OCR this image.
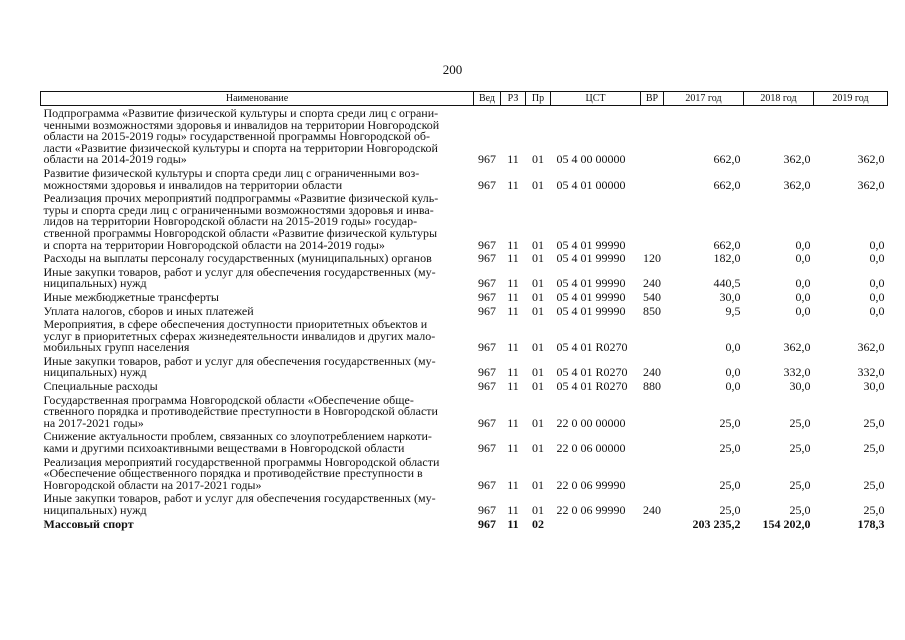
200
Наименование	Вед	РЗ	Пр	ЦСТ	ВР	2017 год	2018 год	2019 год

Подпрограмма «Развитие физической культуры и спорта среди лиц с ограни-
ченными возможностями здоровья и инвалидов на территории Новгородской
области на 2015-2019 годы» государственной программы Новгородской об-
ласти «Развитие физической культуры и спорта на территории Новгородской
области на 2014-2019 годы»	967	11	01	05 4 00 00000		662,0	362,0	362,0

Развитие физической культуры и спорта среди лиц с ограниченными воз-
можностями здоровья и инвалидов на территории области	967	11	01	05 4 01 00000		662,0	362,0	362,0

Реализация прочих мероприятий подпрограммы «Развитие физической куль-
туры и спорта среди лиц с ограниченными возможностями здоровья и инва-
лидов на территории Новгородской области на 2015-2019 годы» государ-
ственной программы Новгородской области «Развитие физической культуры
и спорта на территории Новгородской области на 2014-2019 годы»	967	11	01	05 4 01 99990		662,0	0,0	0,0

Расходы на выплаты персоналу государственных (муниципальных) органов	967	11	01	05 4 01 99990	120	182,0	0,0	0,0

Иные закупки товаров, работ и услуг для обеспечения государственных (му-
ниципальных) нужд	967	11	01	05 4 01 99990	240	440,5	0,0	0,0

Иные межбюджетные трансферты	967	11	01	05 4 01 99990	540	30,0	0,0	0,0

Уплата налогов, сборов и иных платежей	967	11	01	05 4 01 99990	850	9,5	0,0	0,0

Мероприятия, в сфере обеспечения доступности приоритетных объектов и
услуг в приоритетных сферах жизнедеятельности инвалидов и других мало-
мобильных групп населения	967	11	01	05 4 01 R0270		0,0	362,0	362,0

Иные закупки товаров, работ и услуг для обеспечения государственных (му-
ниципальных) нужд	967	11	01	05 4 01 R0270	240	0,0	332,0	332,0

Специальные расходы	967	11	01	05 4 01 R0270	880	0,0	30,0	30,0

Государственная программа Новгородской области «Обеспечение обще-
ственного порядка и противодействие преступности в Новгородской области
на 2017-2021 годы»	967	11	01	22 0 00 00000		25,0	25,0	25,0

Снижение актуальности проблем, связанных со злоупотреблением наркоти-
ками и другими психоактивными веществами в Новгородской области	967	11	01	22 0 06 00000		25,0	25,0	25,0

Реализация мероприятий государственной программы Новгородской области
«Обеспечение общественного порядка и противодействие преступности в
Новгородской области на 2017-2021 годы»	967	11	01	22 0 06 99990		25,0	25,0	25,0

Иные закупки товаров, работ и услуг для обеспечения государственных (му-
ниципальных) нужд	967	11	01	22 0 06 99990	240	25,0	25,0	25,0

Массовый спорт	967	11	02			203 235,2	154 202,0	178,3
